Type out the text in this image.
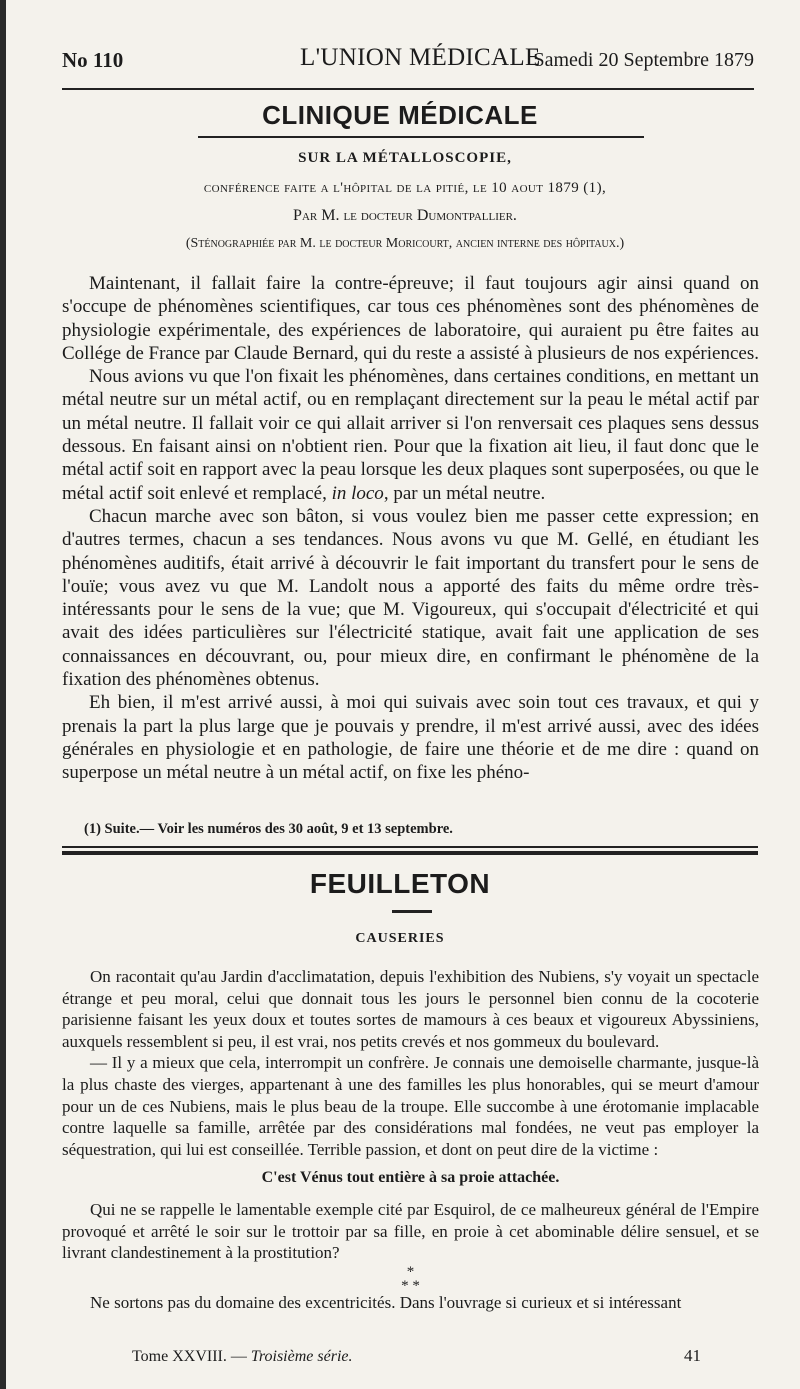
No 110	L'UNION MÉDICALE
Samedi 20 Septembre 1879
CLINIQUE MÉDICALE
SUR LA MÉTALLOSCOPIE,
conférence faite a l'hôpital de la pitié, le 10 aout 1879 (1),
Par M. le docteur Dumontpallier.
(Sténographiée par M. le docteur Moricourt, ancien interne des hôpitaux.)

Maintenant, il fallait faire la contre-épreuve; il faut toujours agir ainsi quand on s'occupe de phénomènes scientifiques, car tous ces phénomènes sont des phénomènes de physiologie expérimentale, des expériences de laboratoire, qui auraient pu être faites au Collége de France par Claude Bernard, qui du reste a assisté à plusieurs de nos expériences.

Nous avions vu que l'on fixait les phénomènes, dans certaines conditions, en mettant un métal neutre sur un métal actif, ou en remplaçant directement sur la peau le métal actif par un métal neutre. Il fallait voir ce qui allait arriver si l'on renversait ces plaques sens dessus dessous. En faisant ainsi on n'obtient rien. Pour que la fixation ait lieu, il faut donc que le métal actif soit en rapport avec la peau lorsque les deux plaques sont superposées, ou que le métal actif soit enlevé et remplacé, in loco, par un métal neutre.

Chacun marche avec son bâton, si vous voulez bien me passer cette expression; en d'autres termes, chacun a ses tendances. Nous avons vu que M. Gellé, en étudiant les phénomènes auditifs, était arrivé à découvrir le fait important du transfert pour le sens de l'ouïe; vous avez vu que M. Landolt nous a apporté des faits du même ordre très-intéressants pour le sens de la vue; que M. Vigoureux, qui s'occupait d'électricité et qui avait des idées particulières sur l'électricité statique, avait fait une application de ses connaissances en découvrant, ou, pour mieux dire, en confirmant le phénomène de la fixation des phénomènes obtenus.

Eh bien, il m'est arrivé aussi, à moi qui suivais avec soin tout ces travaux, et qui y prenais la part la plus large que je pouvais y prendre, il m'est arrivé aussi, avec des idées générales en physiologie et en pathologie, de faire une théorie et de me dire : quand on superpose un métal neutre à un métal actif, on fixe les phéno-

(1) Suite.— Voir les numéros des 30 août, 9 et 13 septembre.
FEUILLETON
CAUSERIES

On racontait qu'au Jardin d'acclimatation, depuis l'exhibition des Nubiens, s'y voyait un spectacle étrange et peu moral, celui que donnait tous les jours le personnel bien connu de la cocoterie parisienne faisant les yeux doux et toutes sortes de mamours à ces beaux et vigoureux Abyssiniens, auxquels ressemblent si peu, il est vrai, nos petits crevés et nos gommeux du boulevard.

— Il y a mieux que cela, interrompit un confrère. Je connais une demoiselle charmante, jusque-là la plus chaste des vierges, appartenant à une des familles les plus honorables, qui se meurt d'amour pour un de ces Nubiens, mais le plus beau de la troupe. Elle succombe à une érotomanie implacable contre laquelle sa famille, arrêtée par des considérations mal fondées, ne veut pas employer la séquestration, qui lui est conseillée. Terrible passion, et dont on peut dire de la victime :

C'est Vénus tout entière à sa proie attachée.

Qui ne se rappelle le lamentable exemple cité par Esquirol, de ce malheureux général de l'Empire provoqué et arrêté le soir sur le trottoir par sa fille, en proie à cet abominable délire sensuel, et se livrant clandestinement à la prostitution?

*

* *

Ne sortons pas du domaine des excentricités. Dans l'ouvrage si curieux et si intéressant

Tome XXVIII. — Troisième série.	41
